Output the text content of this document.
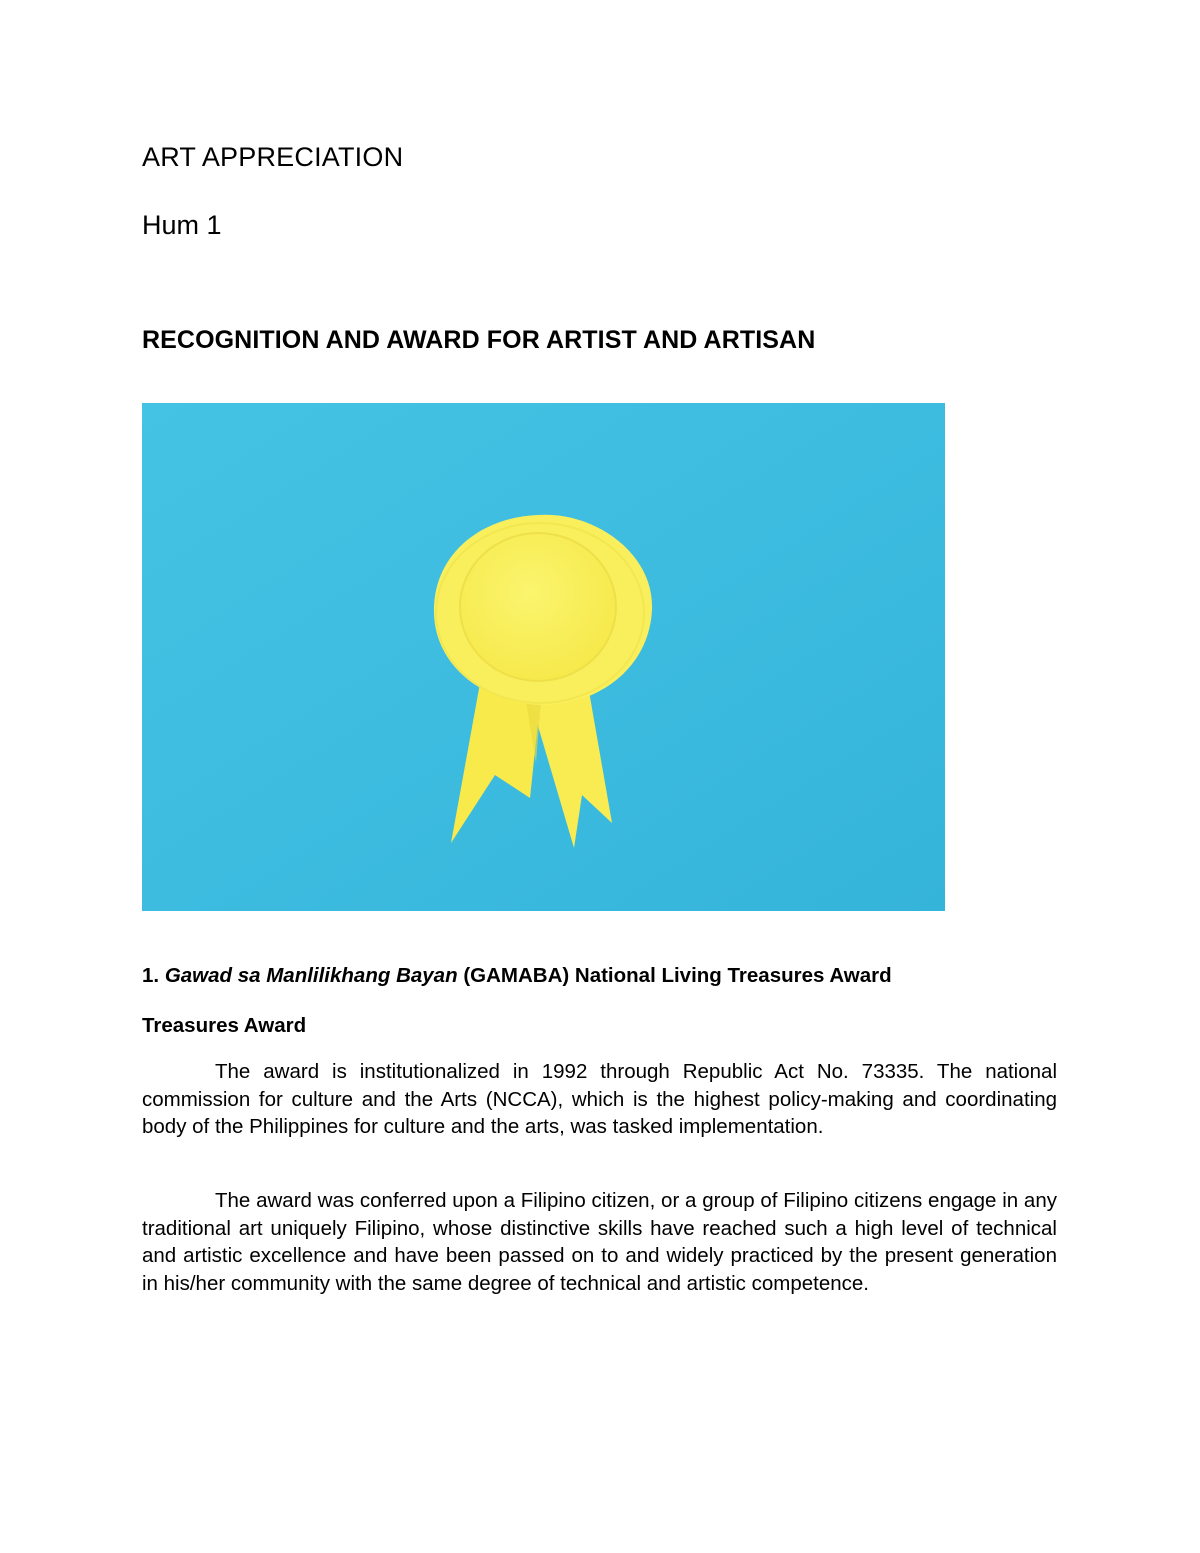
ART APPRECIATION
Hum 1
RECOGNITION AND AWARD FOR ARTIST AND ARTISAN
1. Gawad sa Manlilikhang Bayan (GAMABA) National Living Treasures Award
Treasures Award

The award is institutionalized in 1992 through Republic Act No. 73335. The national commission for culture and the Arts (NCCA), which is the highest policy-making and coordinating body of the Philippines for culture and the arts, was tasked implementation.

The award was conferred upon a Filipino citizen, or a group of Filipino citizens engage in any traditional art uniquely Filipino, whose distinctive skills have reached such a high level of technical and artistic excellence and have been passed on to and widely practiced by the present generation in his/her community with the same degree of technical and artistic competence.
